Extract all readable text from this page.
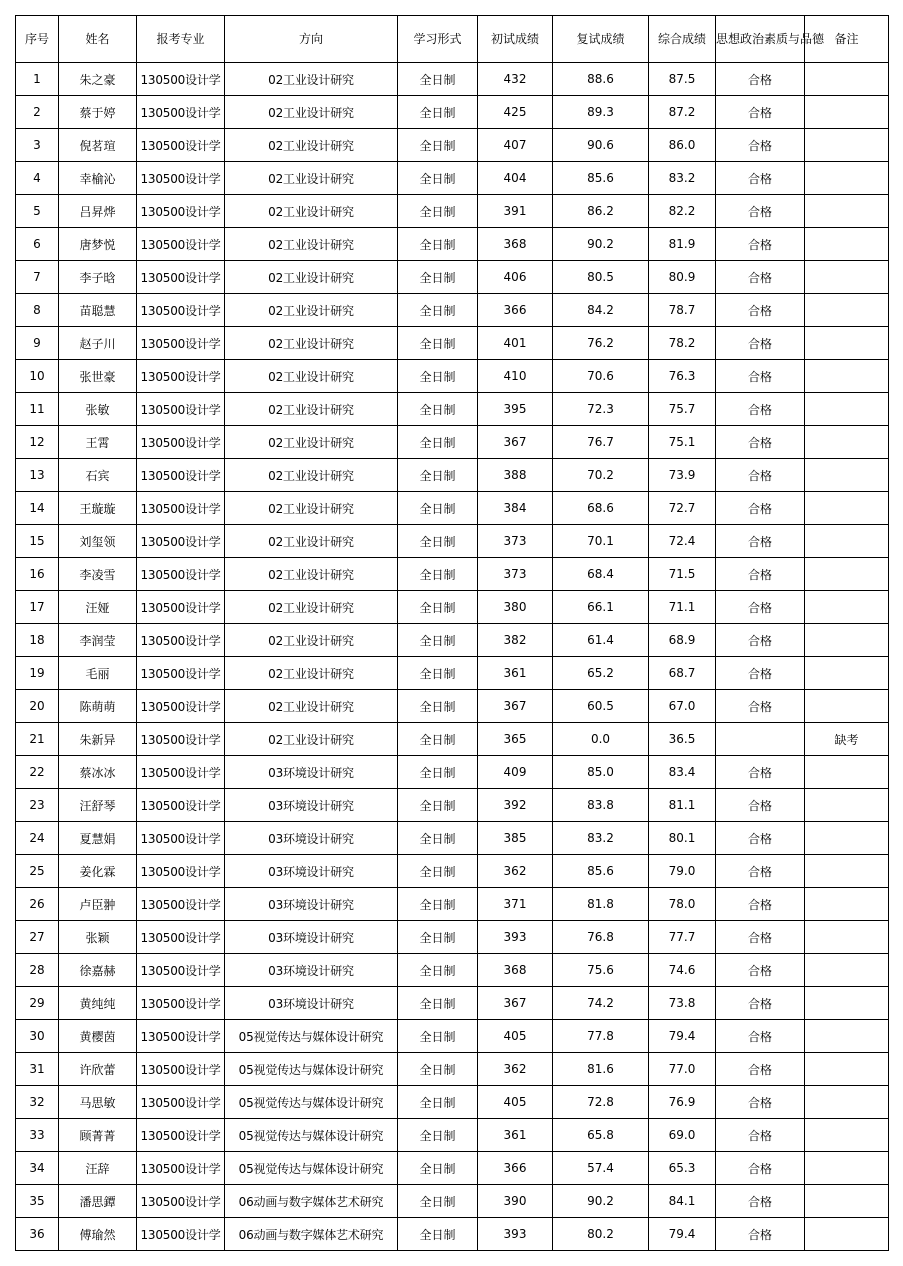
序号	姓名	报考专业	方向	学习形式	初试成绩	复试成绩	综合成绩	思想政治素质与品德	备注
1	朱之豪	130500设计学	02工业设计研究	全日制	432	88.6	87.5	合格	
2	蔡于婷	130500设计学	02工业设计研究	全日制	425	89.3	87.2	合格	
3	倪茗瑄	130500设计学	02工业设计研究	全日制	407	90.6	86.0	合格	
4	幸榆沁	130500设计学	02工业设计研究	全日制	404	85.6	83.2	合格	
5	吕昇烨	130500设计学	02工业设计研究	全日制	391	86.2	82.2	合格	
6	唐梦悦	130500设计学	02工业设计研究	全日制	368	90.2	81.9	合格	
7	李子晗	130500设计学	02工业设计研究	全日制	406	80.5	80.9	合格	
8	苗聪慧	130500设计学	02工业设计研究	全日制	366	84.2	78.7	合格	
9	赵子川	130500设计学	02工业设计研究	全日制	401	76.2	78.2	合格	
10	张世豪	130500设计学	02工业设计研究	全日制	410	70.6	76.3	合格	
11	张敏	130500设计学	02工业设计研究	全日制	395	72.3	75.7	合格	
12	王霄	130500设计学	02工业设计研究	全日制	367	76.7	75.1	合格	
13	石宾	130500设计学	02工业设计研究	全日制	388	70.2	73.9	合格	
14	王璇璇	130500设计学	02工业设计研究	全日制	384	68.6	72.7	合格	
15	刘玺领	130500设计学	02工业设计研究	全日制	373	70.1	72.4	合格	
16	李凌雪	130500设计学	02工业设计研究	全日制	373	68.4	71.5	合格	
17	汪娅	130500设计学	02工业设计研究	全日制	380	66.1	71.1	合格	
18	李润莹	130500设计学	02工业设计研究	全日制	382	61.4	68.9	合格	
19	毛丽	130500设计学	02工业设计研究	全日制	361	65.2	68.7	合格	
20	陈萌萌	130500设计学	02工业设计研究	全日制	367	60.5	67.0	合格	
21	朱新异	130500设计学	02工业设计研究	全日制	365	0.0	36.5		缺考
22	蔡冰冰	130500设计学	03环境设计研究	全日制	409	85.0	83.4	合格	
23	汪舒琴	130500设计学	03环境设计研究	全日制	392	83.8	81.1	合格	
24	夏慧娟	130500设计学	03环境设计研究	全日制	385	83.2	80.1	合格	
25	姜化霖	130500设计学	03环境设计研究	全日制	362	85.6	79.0	合格	
26	卢臣翀	130500设计学	03环境设计研究	全日制	371	81.8	78.0	合格	
27	张颖	130500设计学	03环境设计研究	全日制	393	76.8	77.7	合格	
28	徐嘉赫	130500设计学	03环境设计研究	全日制	368	75.6	74.6	合格	
29	黄纯纯	130500设计学	03环境设计研究	全日制	367	74.2	73.8	合格	
30	黄樱茵	130500设计学	05视觉传达与媒体设计研究	全日制	405	77.8	79.4	合格	
31	许欣蕾	130500设计学	05视觉传达与媒体设计研究	全日制	362	81.6	77.0	合格	
32	马思敏	130500设计学	05视觉传达与媒体设计研究	全日制	405	72.8	76.9	合格	
33	顾菁菁	130500设计学	05视觉传达与媒体设计研究	全日制	361	65.8	69.0	合格	
34	汪辞	130500设计学	05视觉传达与媒体设计研究	全日制	366	57.4	65.3	合格	
35	潘思鐔	130500设计学	06动画与数字媒体艺术研究	全日制	390	90.2	84.1	合格	
36	傅瑜然	130500设计学	06动画与数字媒体艺术研究	全日制	393	80.2	79.4	合格	
